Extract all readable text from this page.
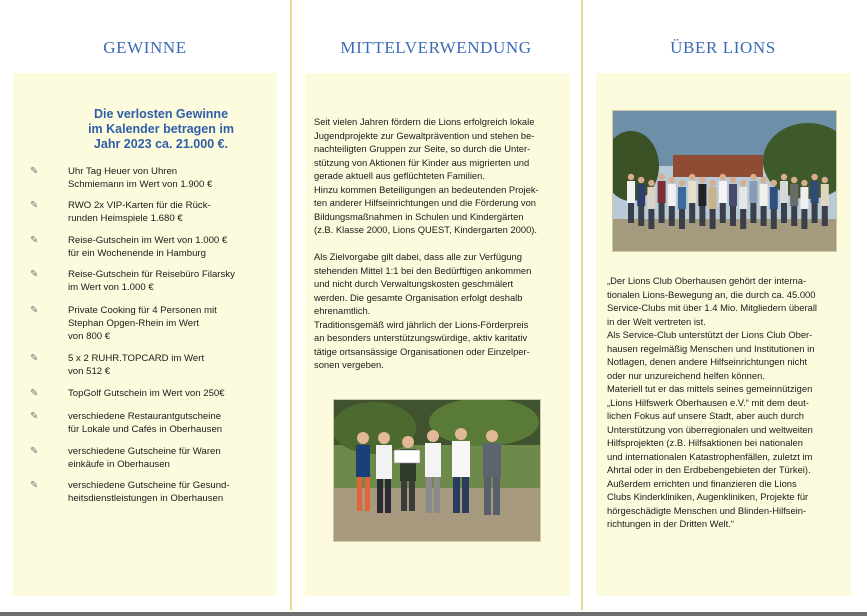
GEWINNE
Die verlosten Gewinne
im Kalender betragen im
Jahr 2023 ca. 21.000 €.
✎	Uhr Tag Heuer von Uhren
Schmiemann im Wert von 1.900 €
✎	RWO 2x VIP-Karten für die Rück-
runden Heimspiele 1.680 €
✎	Reise-Gutschein im Wert von 1.000 €
für ein Wochenende in Hamburg
✎	Reise-Gutschein für Reisebüro Filarsky
im Wert von 1.000 €
✎	Private Cooking für 4 Personen mit
Stephan Opgen-Rhein im Wert
von 800 €
✎	5 x 2 RUHR.TOPCARD im Wert
von 512 €
✎	TopGolf Gutschein im Wert von 250€
✎	verschiedene Restaurantgutscheine
für Lokale und Cafés in Oberhausen
✎	verschiedene Gutscheine für Waren
einkäufe in Oberhausen
✎	verschiedene Gutscheine für Gesund-
heitsdienstleistungen in Oberhausen
MITTELVERWENDUNG

Seit vielen Jahren fördern die Lions erfolgreich lokale
Jugendprojekte zur Gewaltprävention und stehen be-
nachteiligten Gruppen zur Seite, so durch die Unter-
stützung von Aktionen für Kinder aus migrierten und
gerade aktuell aus geflüchteten Familien.
Hinzu kommen Beteiligungen an bedeutenden Projek-
ten anderer Hilfseinrichtungen und die Förderung von
Bildungsmaßnahmen in Schulen und Kindergärten
(z.B. Klasse 2000, Lions QUEST, Kindergarten 2000).

Als Zielvorgabe gilt dabei, dass alle zur Verfügung
stehenden Mittel 1:1 bei den Bedürftigen ankommen
und nicht durch Verwaltungskosten geschmälert
werden. Die gesamte Organisation erfolgt deshalb
ehrenamtlich.
Traditionsgemäß wird jährlich der Lions-Förderpreis
an besonders unterstützungswürdige, aktiv karitativ
tätige ortsansässige Organisationen oder Einzelper-
sonen vergeben.

ÜBER LIONS

„Der Lions Club Oberhausen gehört der interna-
tionalen Lions-Bewegung an, die durch ca. 45.000
Service-Clubs mit über 1.4 Mio. Mitgliedern überall
in der Welt vertreten ist.
Als Service-Club unterstützt der Lions Club Ober-
hausen regelmäßig Menschen und Institutionen in
Notlagen, denen andere Hilfseinrichtungen nicht
oder nur unzureichend helfen können.
Materiell tut er das mittels seines gemeinnützigen
„Lions Hilfswerk Oberhausen e.V.“ mit dem deut-
lichen Fokus auf unsere Stadt, aber auch durch
Unterstützung von überregionalen und weltweiten
Hilfsprojekten (z.B. Hilfsaktionen bei nationalen
und internationalen Katastrophenfällen, zuletzt im
Ahrtal oder in den Erdbebengebieten der Türkei).
Außerdem errichten und finanzieren die Lions
Clubs Kinderkliniken, Augenkliniken, Projekte für
hörgeschädigte Menschen und Blinden-Hilfsein-
richtungen in der Dritten Welt.“
